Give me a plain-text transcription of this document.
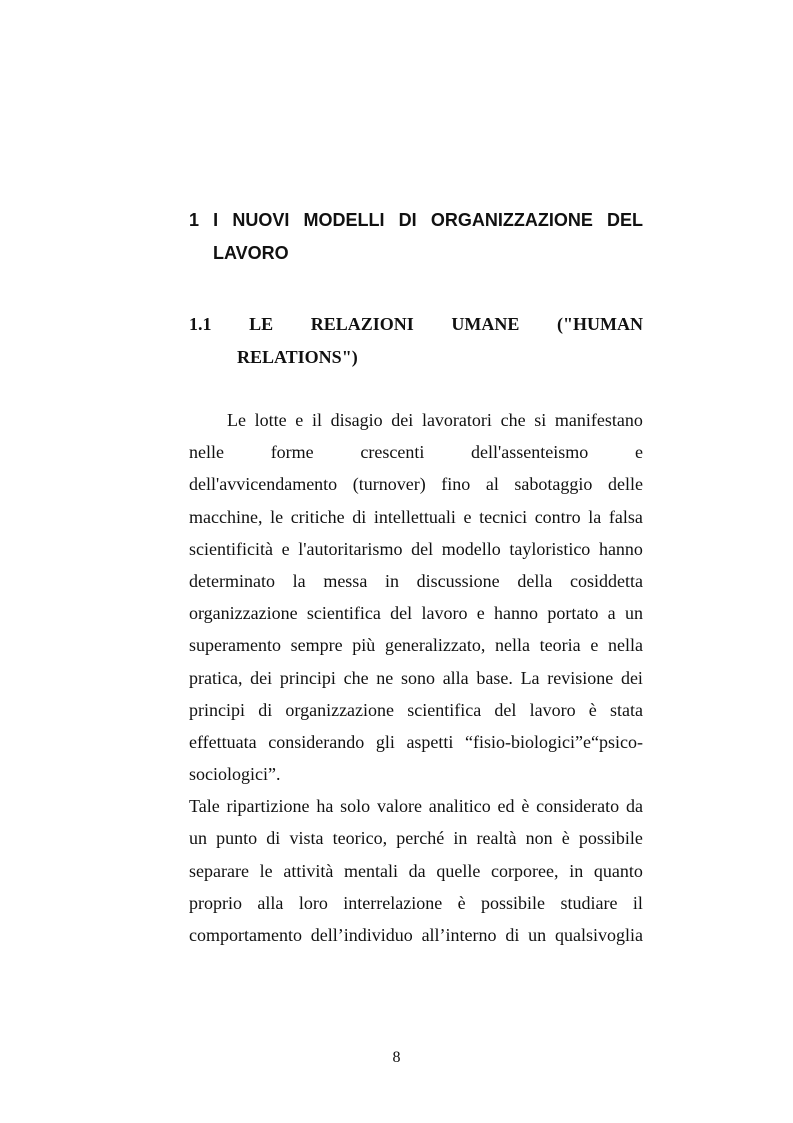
1 I NUOVI MODELLI DI ORGANIZZAZIONE DEL
LAVORO
1.1 LE RELAZIONI UMANE ("HUMAN
RELATIONS")
Le lotte e il disagio dei lavoratori che si manifestano
nelle	forme	crescenti	dell'assenteismo	e
dell'avvicendamento (turnover) fino al sabotaggio delle
macchine, le critiche di intellettuali e tecnici contro la falsa
scientificità e l'autoritarismo del modello tayloristico hanno
determinato la messa in discussione della cosiddetta
organizzazione scientifica del lavoro e hanno portato a un
superamento sempre più generalizzato, nella teoria e nella
pratica, dei principi che ne sono alla base. La revisione dei
principi di organizzazione scientifica del lavoro è stata
effettuata considerando gli aspetti “fisio-biologici”e“psico-
sociologici”.
Tale ripartizione ha solo valore analitico ed è considerato da
un punto di vista teorico, perché in realtà non è possibile
separare le attività mentali da quelle corporee, in quanto
proprio alla loro interrelazione è possibile studiare il
comportamento dell’individuo all’interno di un qualsivoglia
8
